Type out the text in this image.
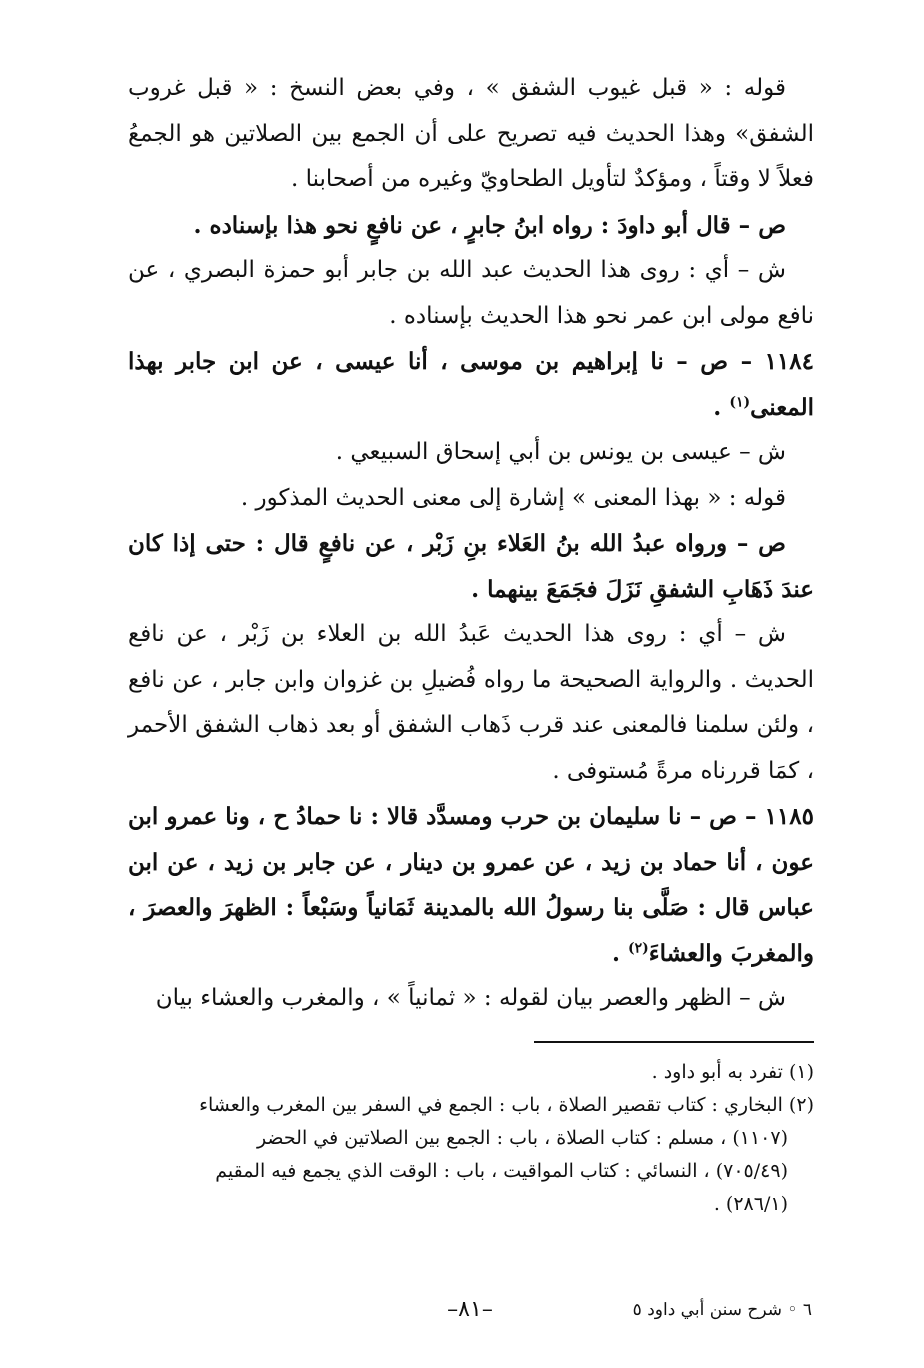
قوله : « قبل غيوب الشفق » ، وفي بعض النسخ : « قبل غروب الشفق» وهذا الحديث فيه تصريح على أن الجمع بين الصلاتين هو الجمعُ فعلاً لا وقتاً ، ومؤكدٌ لتأويل الطحاويّ وغيره من أصحابنا .

ص – قال أبو داودَ : رواه ابنُ جابرٍ ، عن نافعٍ نحو هذا بإسناده .

ش – أي : روى هذا الحديث عبد الله بن جابر أبو حمزة البصري ، عن نافع مولى ابن عمر نحو هذا الحديث بإسناده .

١١٨٤ – ص – نا إبراهيم بن موسى ، أنا عيسى ، عن ابن جابر بهذا المعنى$^{(١)}$ .

ش – عيسى بن يونس بن أبي إسحاق السبيعي .

قوله : « بهذا المعنى » إشارة إلى معنى الحديث المذكور .

ص – ورواه عبدُ الله بنُ العَلاء بنِ زَبْر ، عن نافعٍ قال : حتى إذا كان عندَ ذَهَابِ الشفقِ نَزَلَ فجَمَعَ بينهما .

ش – أي : روى هذا الحديث عَبدُ الله بن العلاء بن زَبْر ، عن نافع الحديث . والرواية الصحيحة ما رواه فُضيلِ بن غزوان وابن جابر ، عن نافع ، ولئن سلمنا فالمعنى عند قرب ذَهاب الشفق أو بعد ذهاب الشفق الأحمر ، كمَا قررناه مرةً مُستوفى .

١١٨٥ – ص – نا سليمان بن حرب ومسدَّد قالا : نا حمادُ ح ، ونا عمرو ابن عون ، أنا حماد بن زيد ، عن عمرو بن دينار ، عن جابر بن زيد ، عن ابن عباس قال : صَلَّى بنا رسولُ الله بالمدينة ثَمَانياً وسَبْعاً : الظهرَ والعصرَ ، والمغربَ والعشاءَ$^{(٢)}$ .

ش – الظهر والعصر بيان لقوله : « ثمانياً » ، والمغرب والعشاء بيان

(١) تفرد به أبو داود .

(٢) البخاري : كتاب تقصير الصلاة ، باب : الجمع في السفر بين المغرب والعشاء

(١١٠٧) ، مسلم : كتاب الصلاة ، باب : الجمع بين الصلاتين في الحضر

(٧٠٥/٤٩) ، النسائي : كتاب المواقيت ، باب : الوقت الذي يجمع فيه المقيم

(٢٨٦/١) .

–٨١–	٦ ◦ شرح سنن أبي داود ٥
